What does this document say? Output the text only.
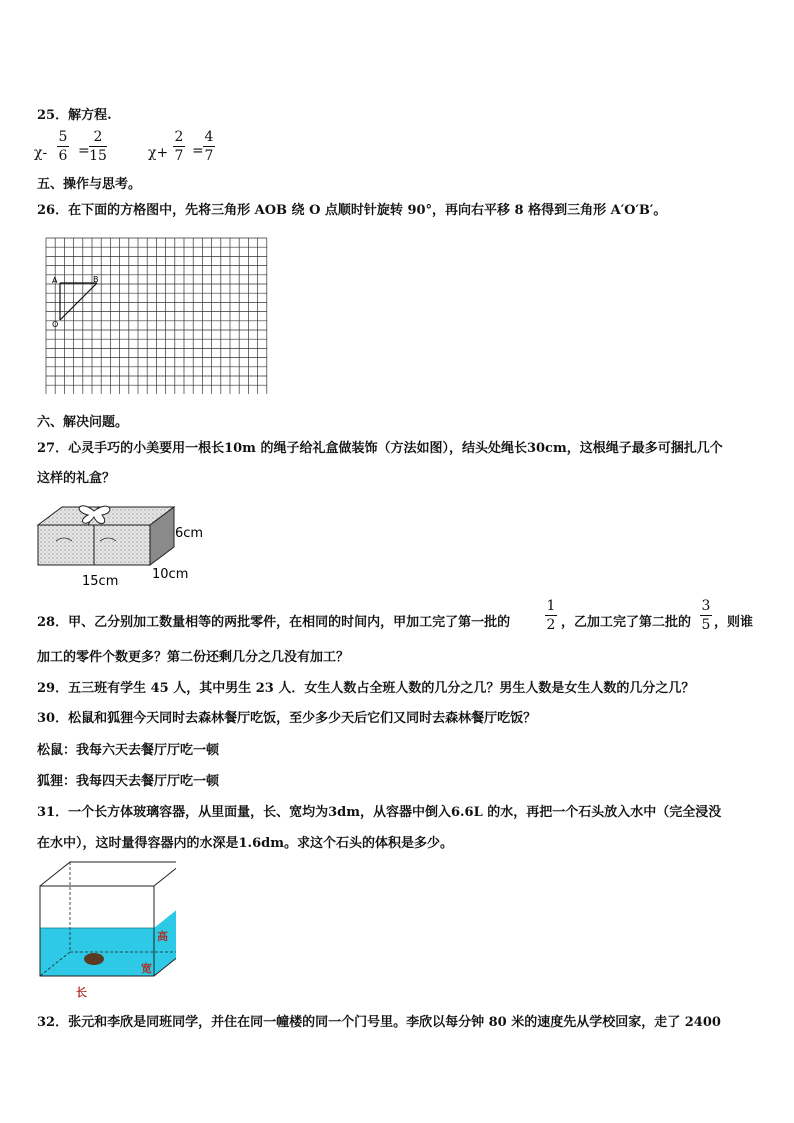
25．解方程.
χ-
5
6 =
2
15	χ+
2
7 =
4
7
五、操作与思考。
26．在下面的方格图中，先将三角形 AOB 绕 O 点顺时针旋转 90°，再向右平移 8 格得到三角形 A′O′B′。
A	B
O
六、解决问题。
27．心灵手巧的小美要用一根长10m 的绳子给礼盒做装饰（方法如图），结头处绳长30cm，这根绳子最多可捆扎几个
这样的礼盒？
6cm
15cm	10cm
28．甲、乙分别加工数量相等的两批零件，在相同的时间内，甲加工完了第一批的
1
2 ，乙加工完了第二批的
3
5 ，则谁
加工的零件个数更多？第二份还剩几分之几没有加工？
29．五三班有学生 45 人，其中男生 23 人．女生人数占全班人数的几分之几？男生人数是女生人数的几分之几？
30．松鼠和狐狸今天同时去森林餐厅吃饭，至少多少天后它们又同时去森林餐厅吃饭？
松鼠：我每六天去餐厅厅吃一顿
狐狸：我每四天去餐厅厅吃一顿
31．一个长方体玻璃容器，从里面量，长、宽均为3dm，从容器中倒入6.6L 的水，再把一个石头放入水中（完全浸没
在水中），这时量得容器内的水深是1.6dm。求这个石头的体积是多少。
高
宽
长
32．张元和李欣是同班同学，并住在同一幢楼的同一个门号里。李欣以每分钟 80 米的速度先从学校回家，走了 2400
